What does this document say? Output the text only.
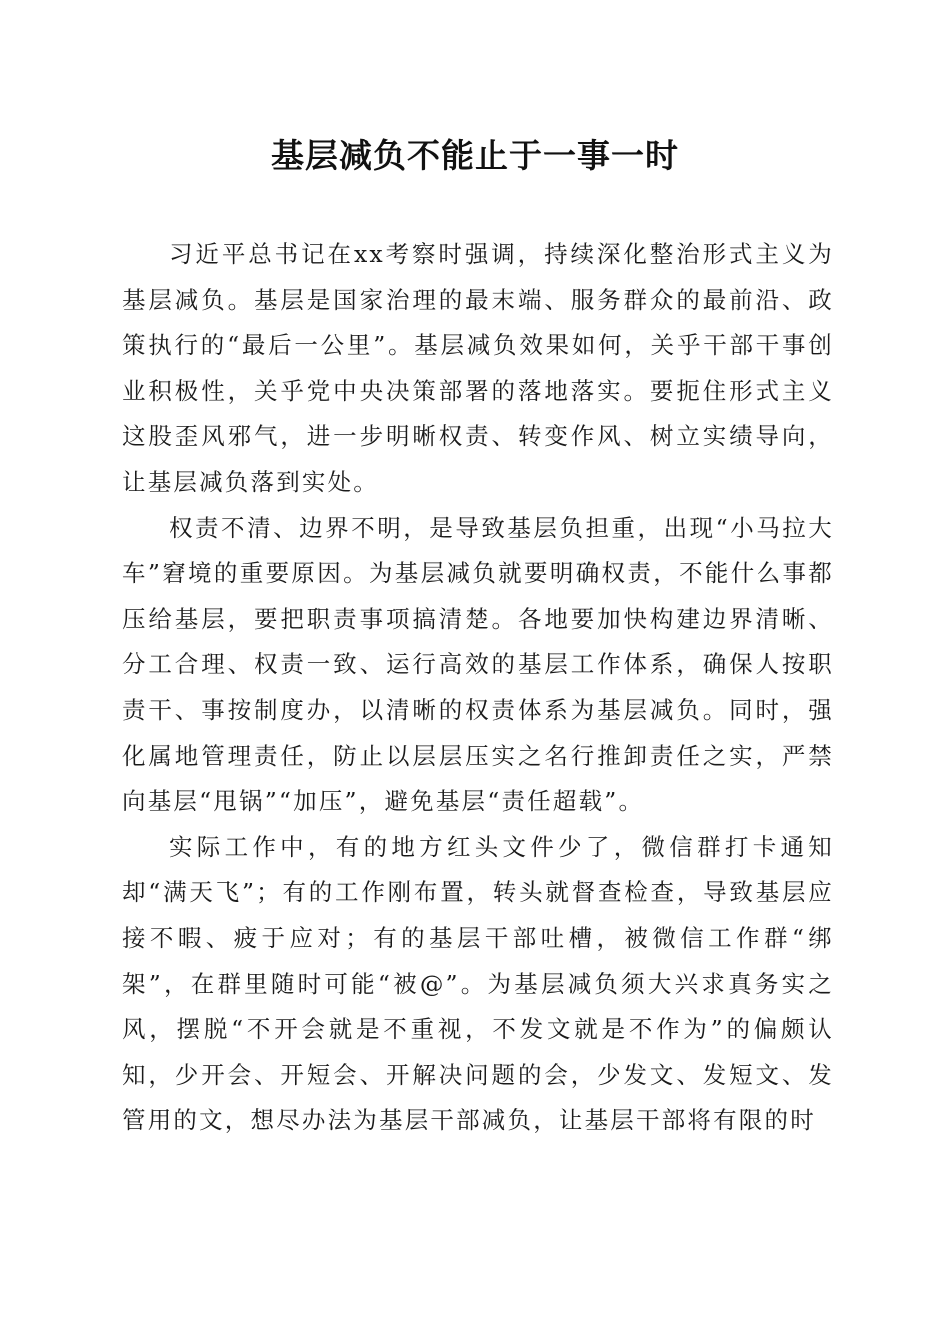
基层减负不能止于一事一时

习近平总书记在xx考察时强调，持续深化整治形式主义为基层减负。基层是国家治理的最末端、服务群众的最前沿、政策执行的“最后一公里”。基层减负效果如何，关乎干部干事创业积极性，关乎党中央决策部署的落地落实。要扼住形式主义这股歪风邪气，进一步明晰权责、转变作风、树立实绩导向，让基层减负落到实处。

权责不清、边界不明，是导致基层负担重，出现“小马拉大车”窘境的重要原因。为基层减负就要明确权责，不能什么事都压给基层，要把职责事项搞清楚。各地要加快构建边界清晰、分工合理、权责一致、运行高效的基层工作体系，确保人按职责干、事按制度办，以清晰的权责体系为基层减负。同时，强化属地管理责任，防止以层层压实之名行推卸责任之实，严禁向基层“甩锅”“加压”，避免基层“责任超载”。

实际工作中，有的地方红头文件少了，微信群打卡通知却“满天飞”；有的工作刚布置，转头就督查检查，导致基层应接不暇、疲于应对；有的基层干部吐槽，被微信工作群“绑架”，在群里随时可能“被@”。为基层减负须大兴求真务实之风，摆脱“不开会就是不重视，不发文就是不作为”的偏颇认知，少开会、开短会、开解决问题的会，少发文、发短文、发管用的文，想尽办法为基层干部减负，让基层干部将有限的时
